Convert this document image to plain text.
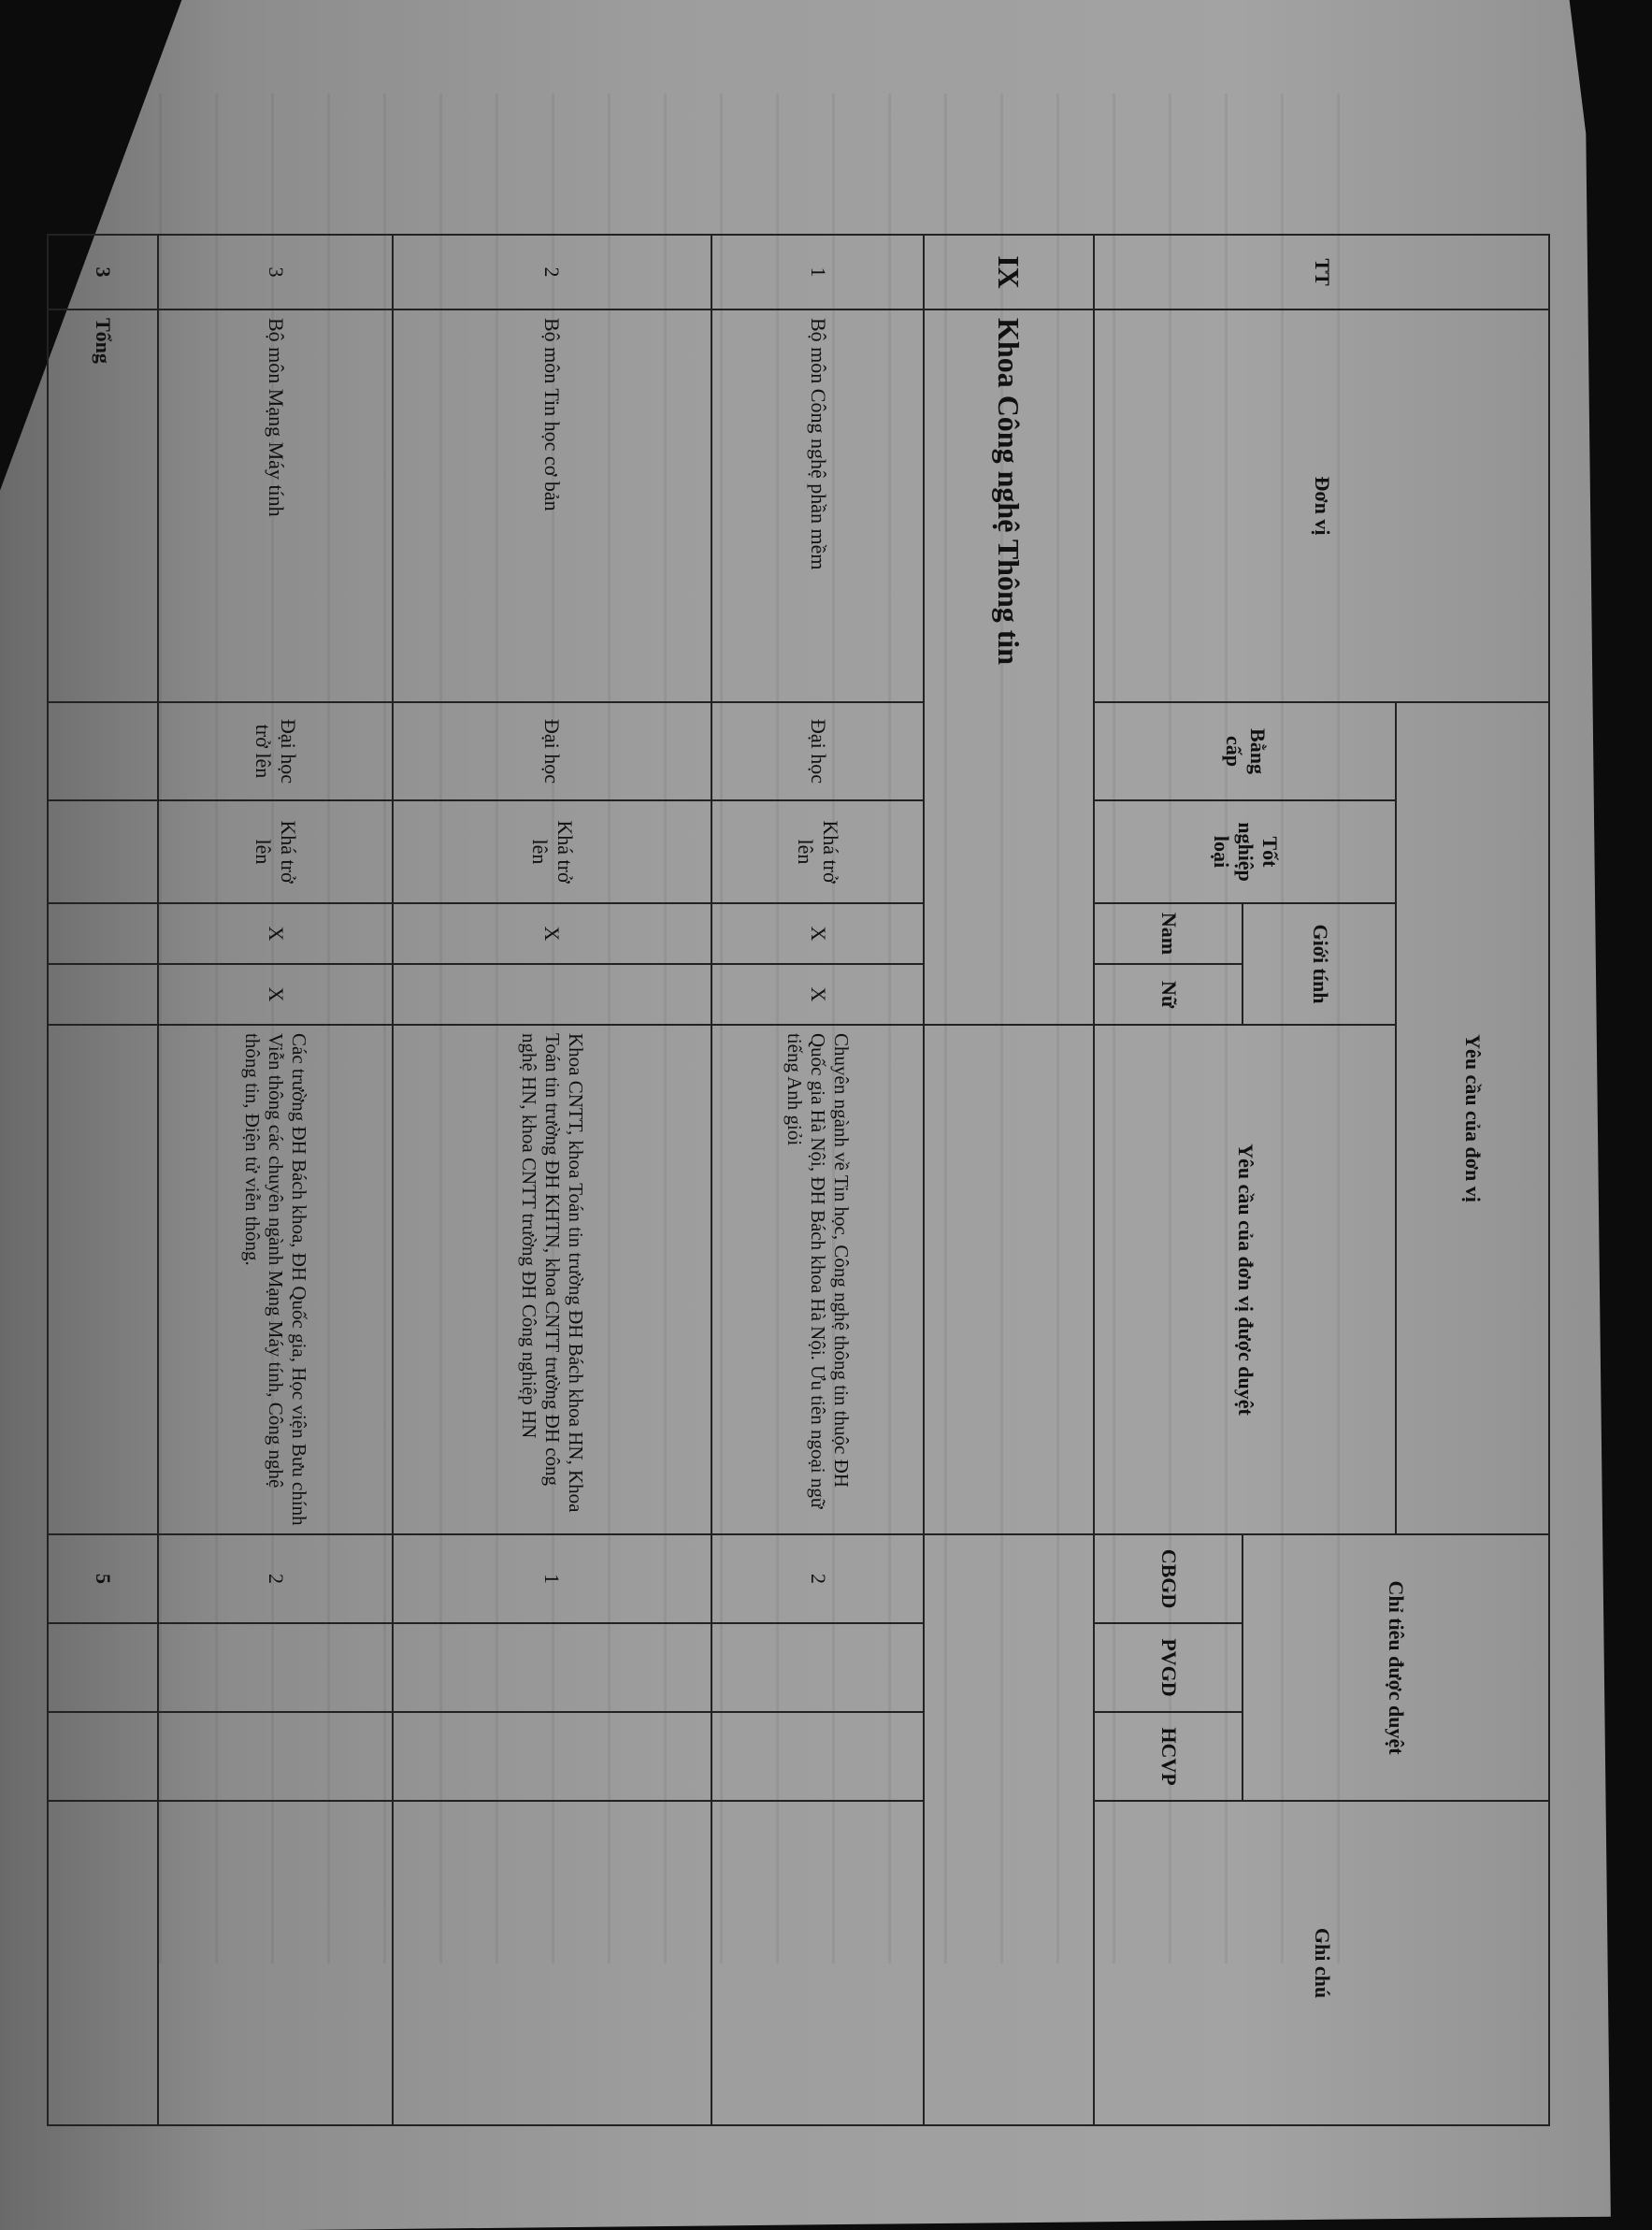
TT	Đơn vị	Yêu cầu của đơn vị					Chỉ tiêu được duyệt			Ghi chú
		Bằng cấp	Tốt nghiệp loại	Giới tính		Yêu cầu của đơn vị được duyệt				
				Nam	Nữ		CBGD	PVGD	HCVP	
IX	Khoa Công nghệ Thông tin									
1	Bộ môn Công nghệ phần mềm	Đại học	Khá trở lên	X	X	Chuyên ngành về Tin học, Công nghệ thông tin thuộc ĐH Quốc gia Hà Nội, ĐH Bách khoa Hà Nội. Ưu tiên ngoại ngữ tiếng Anh giỏi	2			
2	Bộ môn Tin học cơ bản	Đại học	Khá trở lên	X		Khoa CNTT, khoa Toán tin trường ĐH Bách khoa HN, Khoa Toán tin trường ĐH KHTN, khoa CNTT trường ĐH công nghệ HN, khoa CNTT trường ĐH Công nghiệp HN	1			
3	Bộ môn Mạng Máy tính	Đại học trở lên	Khá trở lên	X	X	Các trường ĐH Bách khoa, ĐH Quốc gia, Học viện Bưu chính Viễn thông các chuyên ngành Mạng Máy tính, Công nghệ thông tin, Điện tử viễn thông.	2			
3	Tổng						5			
